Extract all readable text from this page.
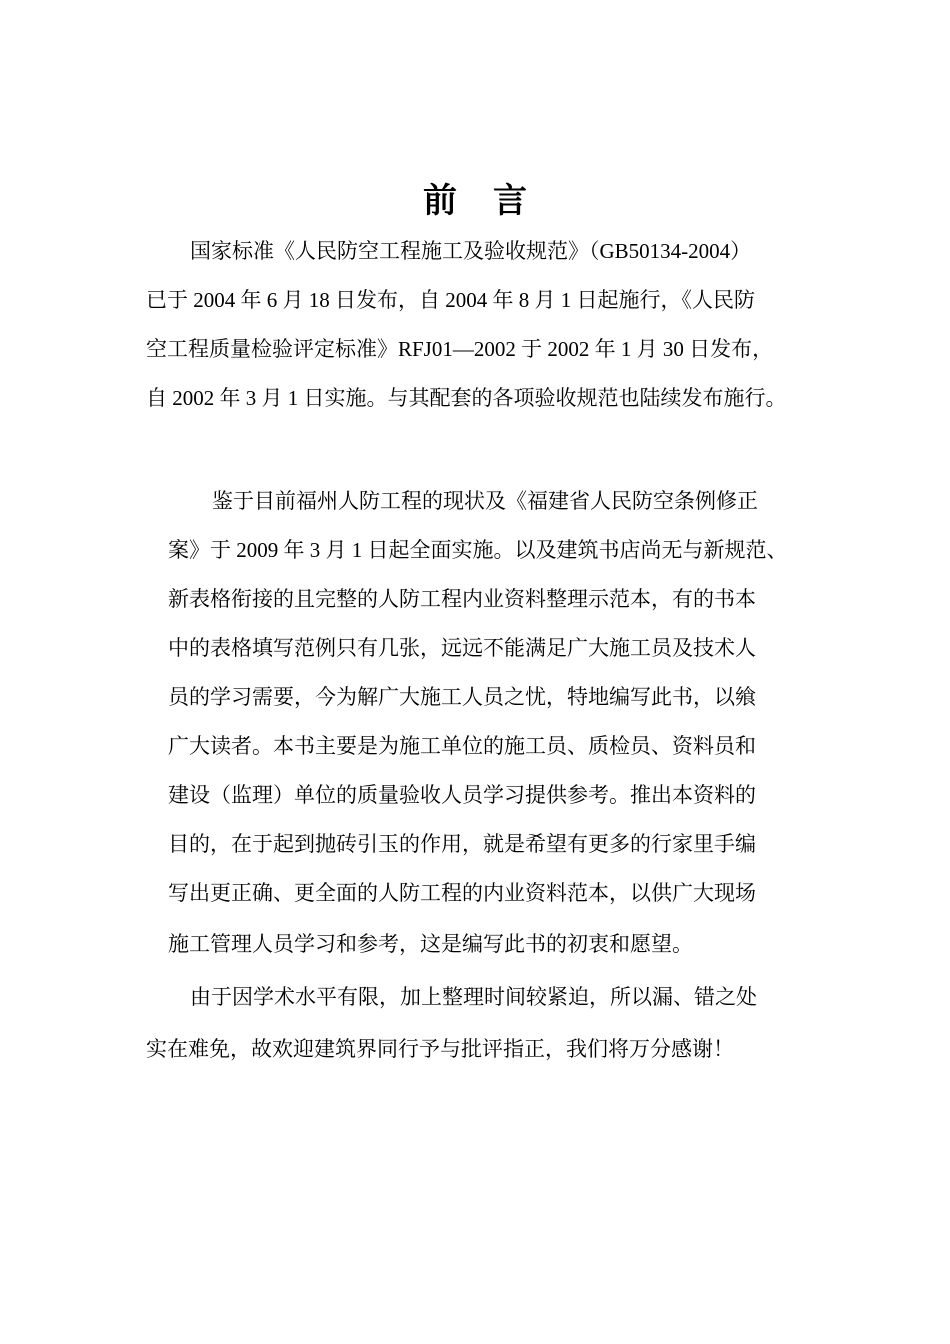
前言
国家标准《人民防空工程施工及验收规范》（GB50134-2004）
已于 2004 年 6 月 18 日发布，自 2004 年 8 月 1 日起施行，《人民防
空工程质量检验评定标准》RFJ01—2002 于 2002 年 1 月 30 日发布，
自 2002 年 3 月 1 日实施。与其配套的各项验收规范也陆续发布施行。
鉴于目前福州人防工程的现状及《福建省人民防空条例修正
案》于 2009 年 3 月 1 日起全面实施。以及建筑书店尚无与新规范、
新表格衔接的且完整的人防工程内业资料整理示范本，有的书本
中的表格填写范例只有几张，远远不能满足广大施工员及技术人
员的学习需要，今为解广大施工人员之忧，特地编写此书，以飨
广大读者。本书主要是为施工单位的施工员、质检员、资料员和
建设（监理）单位的质量验收人员学习提供参考。推出本资料的
目的，在于起到抛砖引玉的作用，就是希望有更多的行家里手编
写出更正确、更全面的人防工程的内业资料范本，以供广大现场
施工管理人员学习和参考，这是编写此书的初衷和愿望。
由于因学术水平有限，加上整理时间较紧迫，所以漏、错之处
实在难免，故欢迎建筑界同行予与批评指正，我们将万分感谢！
